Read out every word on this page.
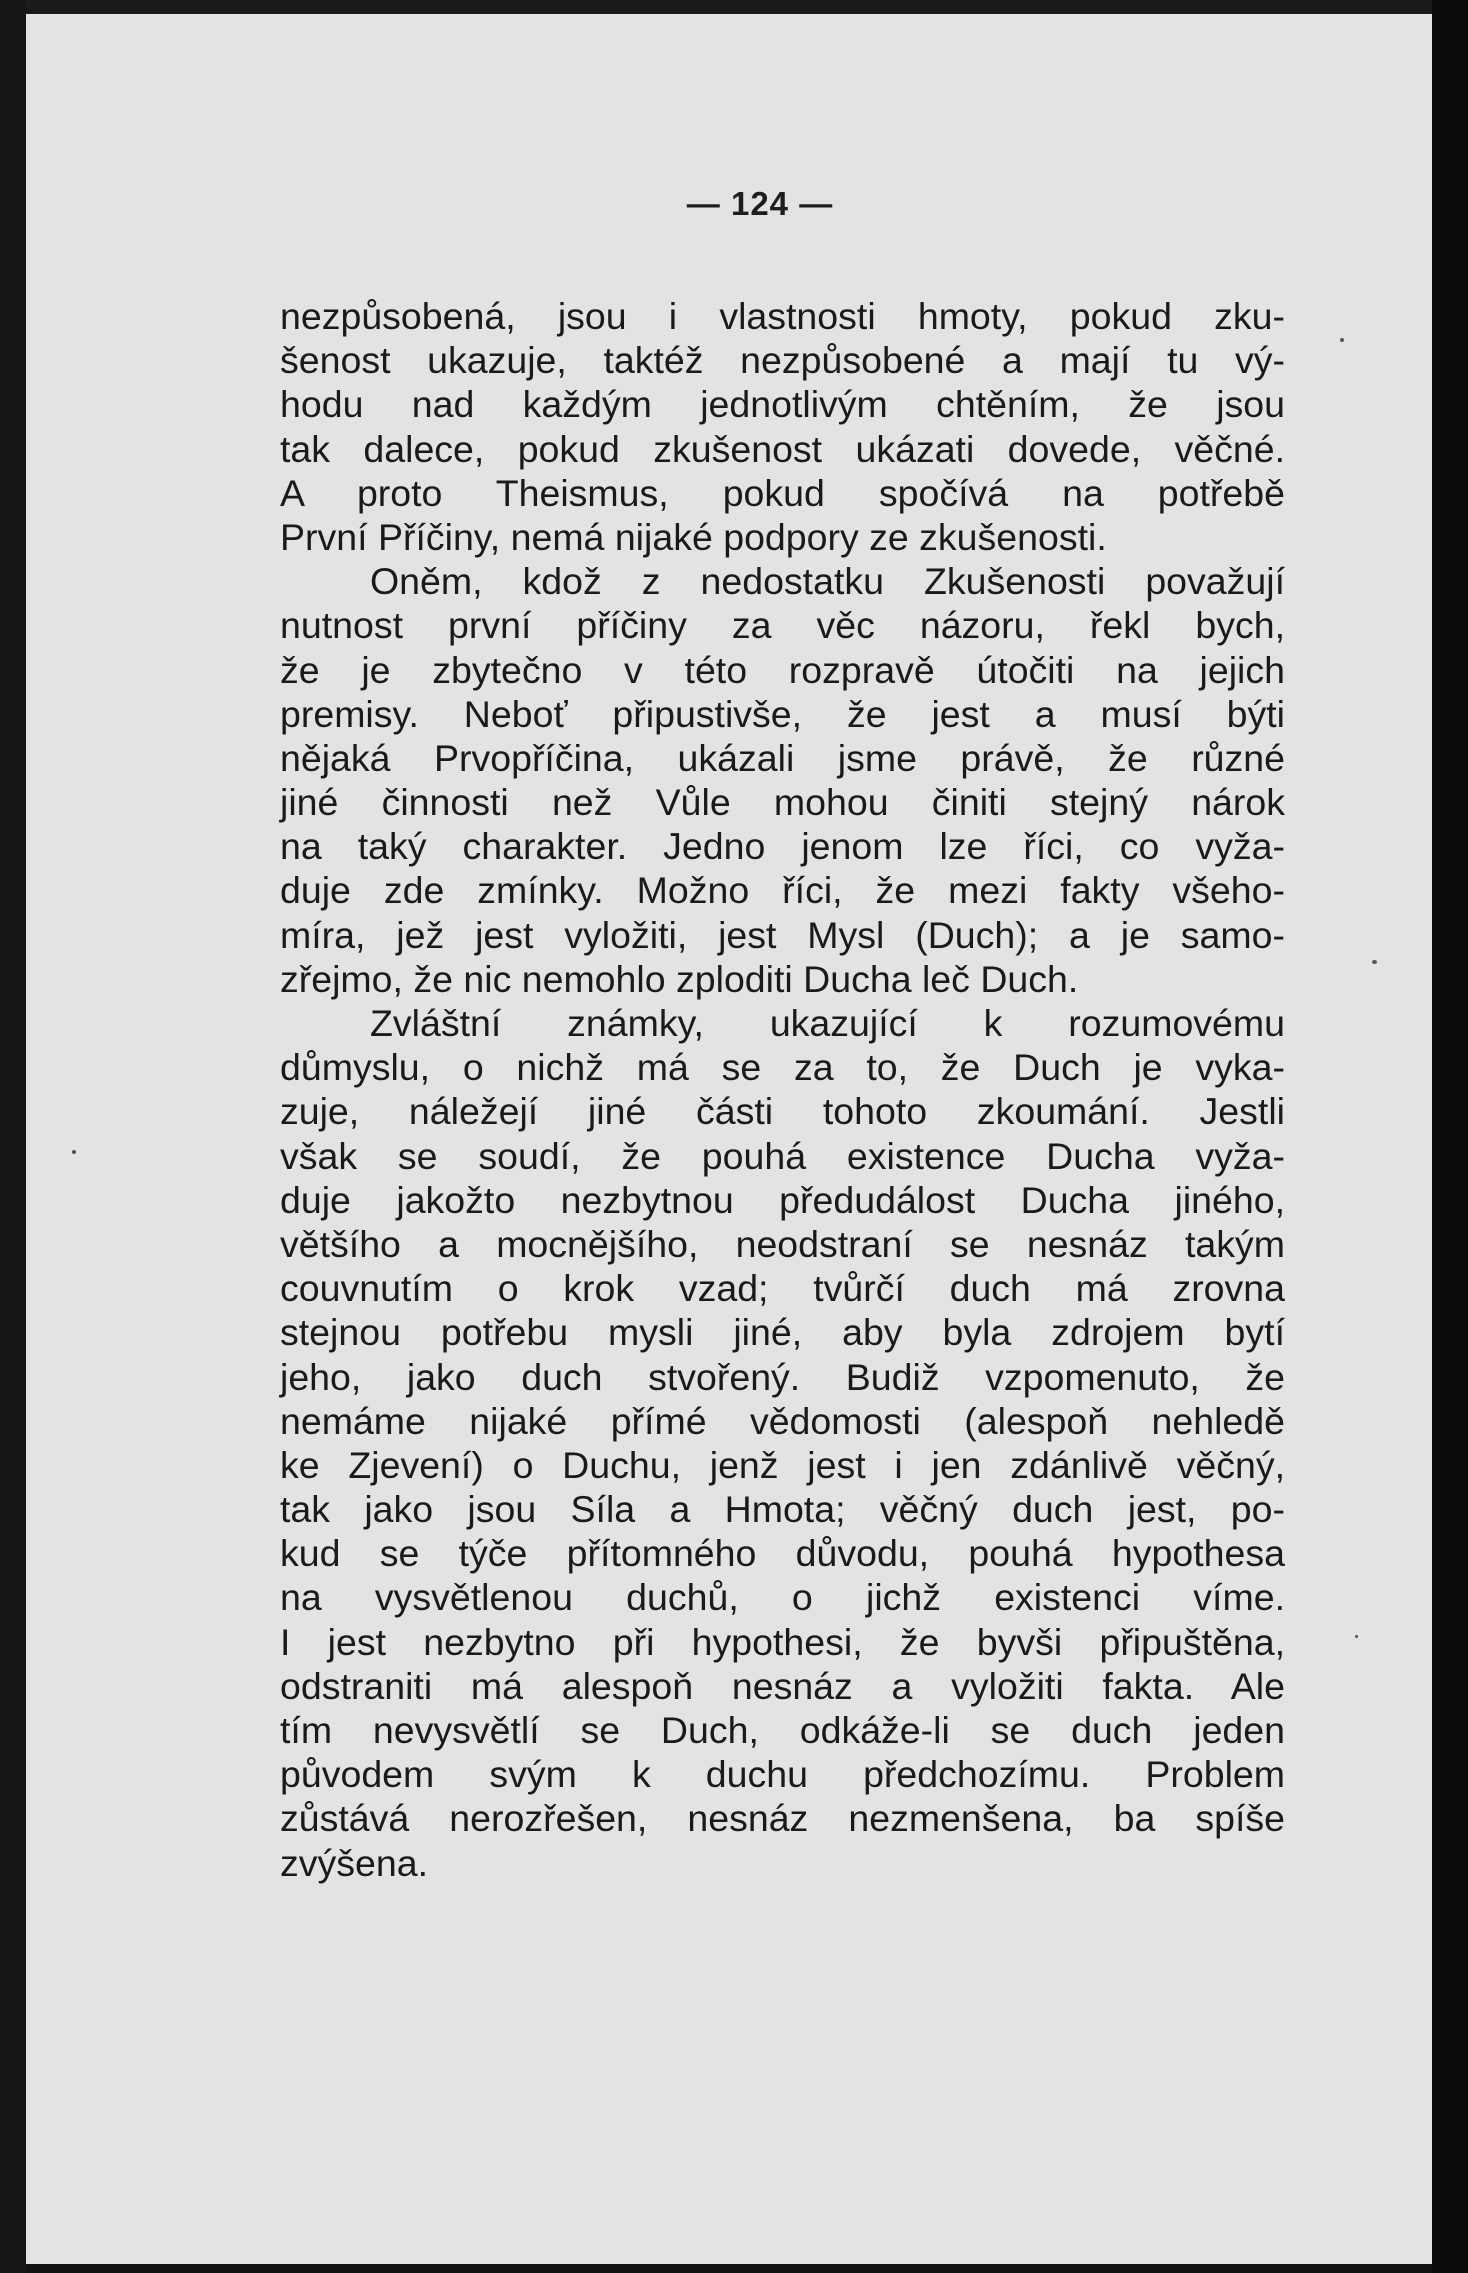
— 124 —
nezpůsobená, jsou i vlastnosti hmoty, pokud zku-
šenost ukazuje, taktéž nezpůsobené a mají tu vý-
hodu nad každým jednotlivým chtěním, že jsou
tak dalece, pokud zkušenost ukázati dovede, věčné.
A proto Theismus, pokud spočívá na potřebě
První Příčiny, nemá nijaké podpory ze zkušenosti.
Oněm, kdož z nedostatku Zkušenosti považují
nutnost první příčiny za věc názoru, řekl bych,
že je zbytečno v této rozpravě útočiti na jejich
premisy. Neboť připustivše, že jest a musí býti
nějaká Prvopříčina, ukázali jsme právě, že různé
jiné činnosti než Vůle mohou činiti stejný nárok
na taký charakter. Jedno jenom lze říci, co vyža-
duje zde zmínky. Možno říci, že mezi fakty všeho-
míra, jež jest vyložiti, jest Mysl (Duch); a je samo-
zřejmo, že nic nemohlo zploditi Ducha leč Duch.
Zvláštní známky, ukazující k rozumovému
důmyslu, o nichž má se za to, že Duch je vyka-
zuje, náležejí jiné části tohoto zkoumání. Jestli
však se soudí, že pouhá existence Ducha vyža-
duje jakožto nezbytnou předudálost Ducha jiného,
většího a mocnějšího, neodstraní se nesnáz takým
couvnutím o krok vzad; tvůrčí duch má zrovna
stejnou potřebu mysli jiné, aby byla zdrojem bytí
jeho, jako duch stvořený. Budiž vzpomenuto, že
nemáme nijaké přímé vědomosti (alespoň nehledě
ke Zjevení) o Duchu, jenž jest i jen zdánlivě věčný,
tak jako jsou Síla a Hmota; věčný duch jest, po-
kud se týče přítomného důvodu, pouhá hypothesa
na vysvětlenou duchů, o jichž existenci víme.
I jest nezbytno při hypothesi, že byvši připuštěna,
odstraniti má alespoň nesnáz a vyložiti fakta. Ale
tím nevysvětlí se Duch, odkáže-li se duch jeden
původem svým k duchu předchozímu. Problem
zůstává nerozřešen, nesnáz nezmenšena, ba spíše
zvýšena.
